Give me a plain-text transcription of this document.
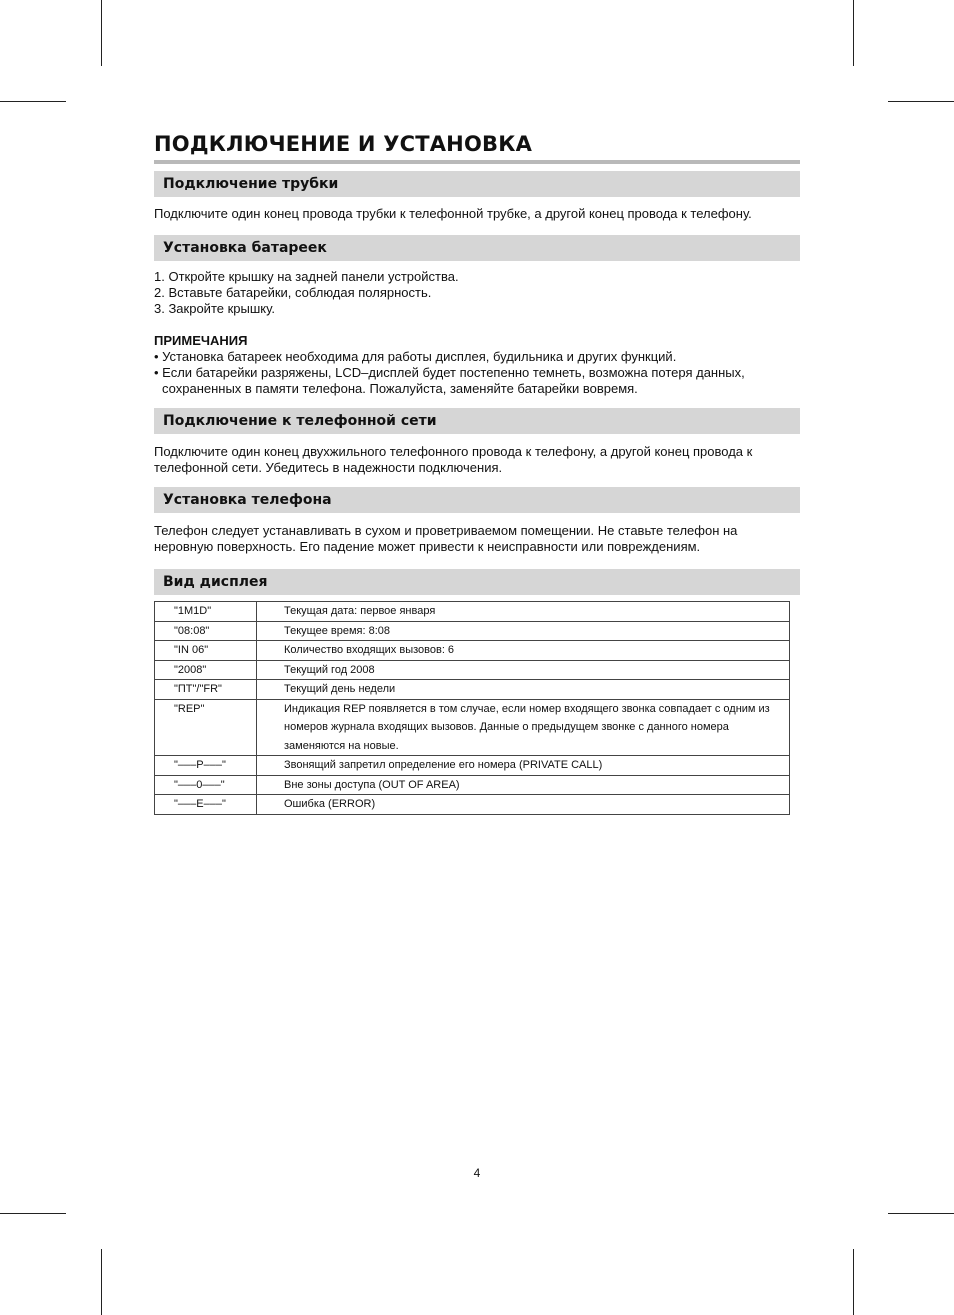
ПОДКЛЮЧЕНИЕ И УСТАНОВКА
Подключение трубки

Подключите один конец провода трубки к телефонной трубке, а другой конец провода к телефону.

Установка батареек
1. Откройте крышку на задней панели устройства.
2. Вставьте батарейки, соблюдая полярность.
3. Закройте крышку.

ПРИМЕЧАНИЯ

• Установка батареек необходима для работы дисплея, будильника и других функций.
• Если батарейки разряжены, LCD–дисплей будет постепенно темнеть, возможна потеря данных, сохраненных в памяти телефона. Пожалуйста, заменяйте батарейки вовремя.
Подключение к телефонной сети

Подключите один конец двухжильного телефонного провода к телефону, а другой конец провода к телефонной сети. Убедитесь в надежности подключения.

Установка телефона

Телефон следует устанавливать в сухом и проветриваемом помещении. Не ставьте телефон на неровную поверхность. Его падение может привести к неисправности или повреждениям.

Вид дисплея
"1M1D"	Текущая дата: первое января
"08:08"	Текущее время: 8:08
"IN 06"	Количество входящих вызовов: 6
"2008"	Текущий год 2008
"ПТ"/"FR"	Текущий день недели
"REP"	Индикация REP появляется в том случае, если номер входящего звонка совпадает с одним из номеров журнала входящих вызовов. Данные о предыдущем звонке с данного номера заменяются на новые.
"–––P–––"	Звонящий запретил определение его номера (PRIVATE CALL)
"–––0–––"	Вне зоны доступа (OUT OF AREA)
"–––E–––"	Ошибка (ERROR)
4
